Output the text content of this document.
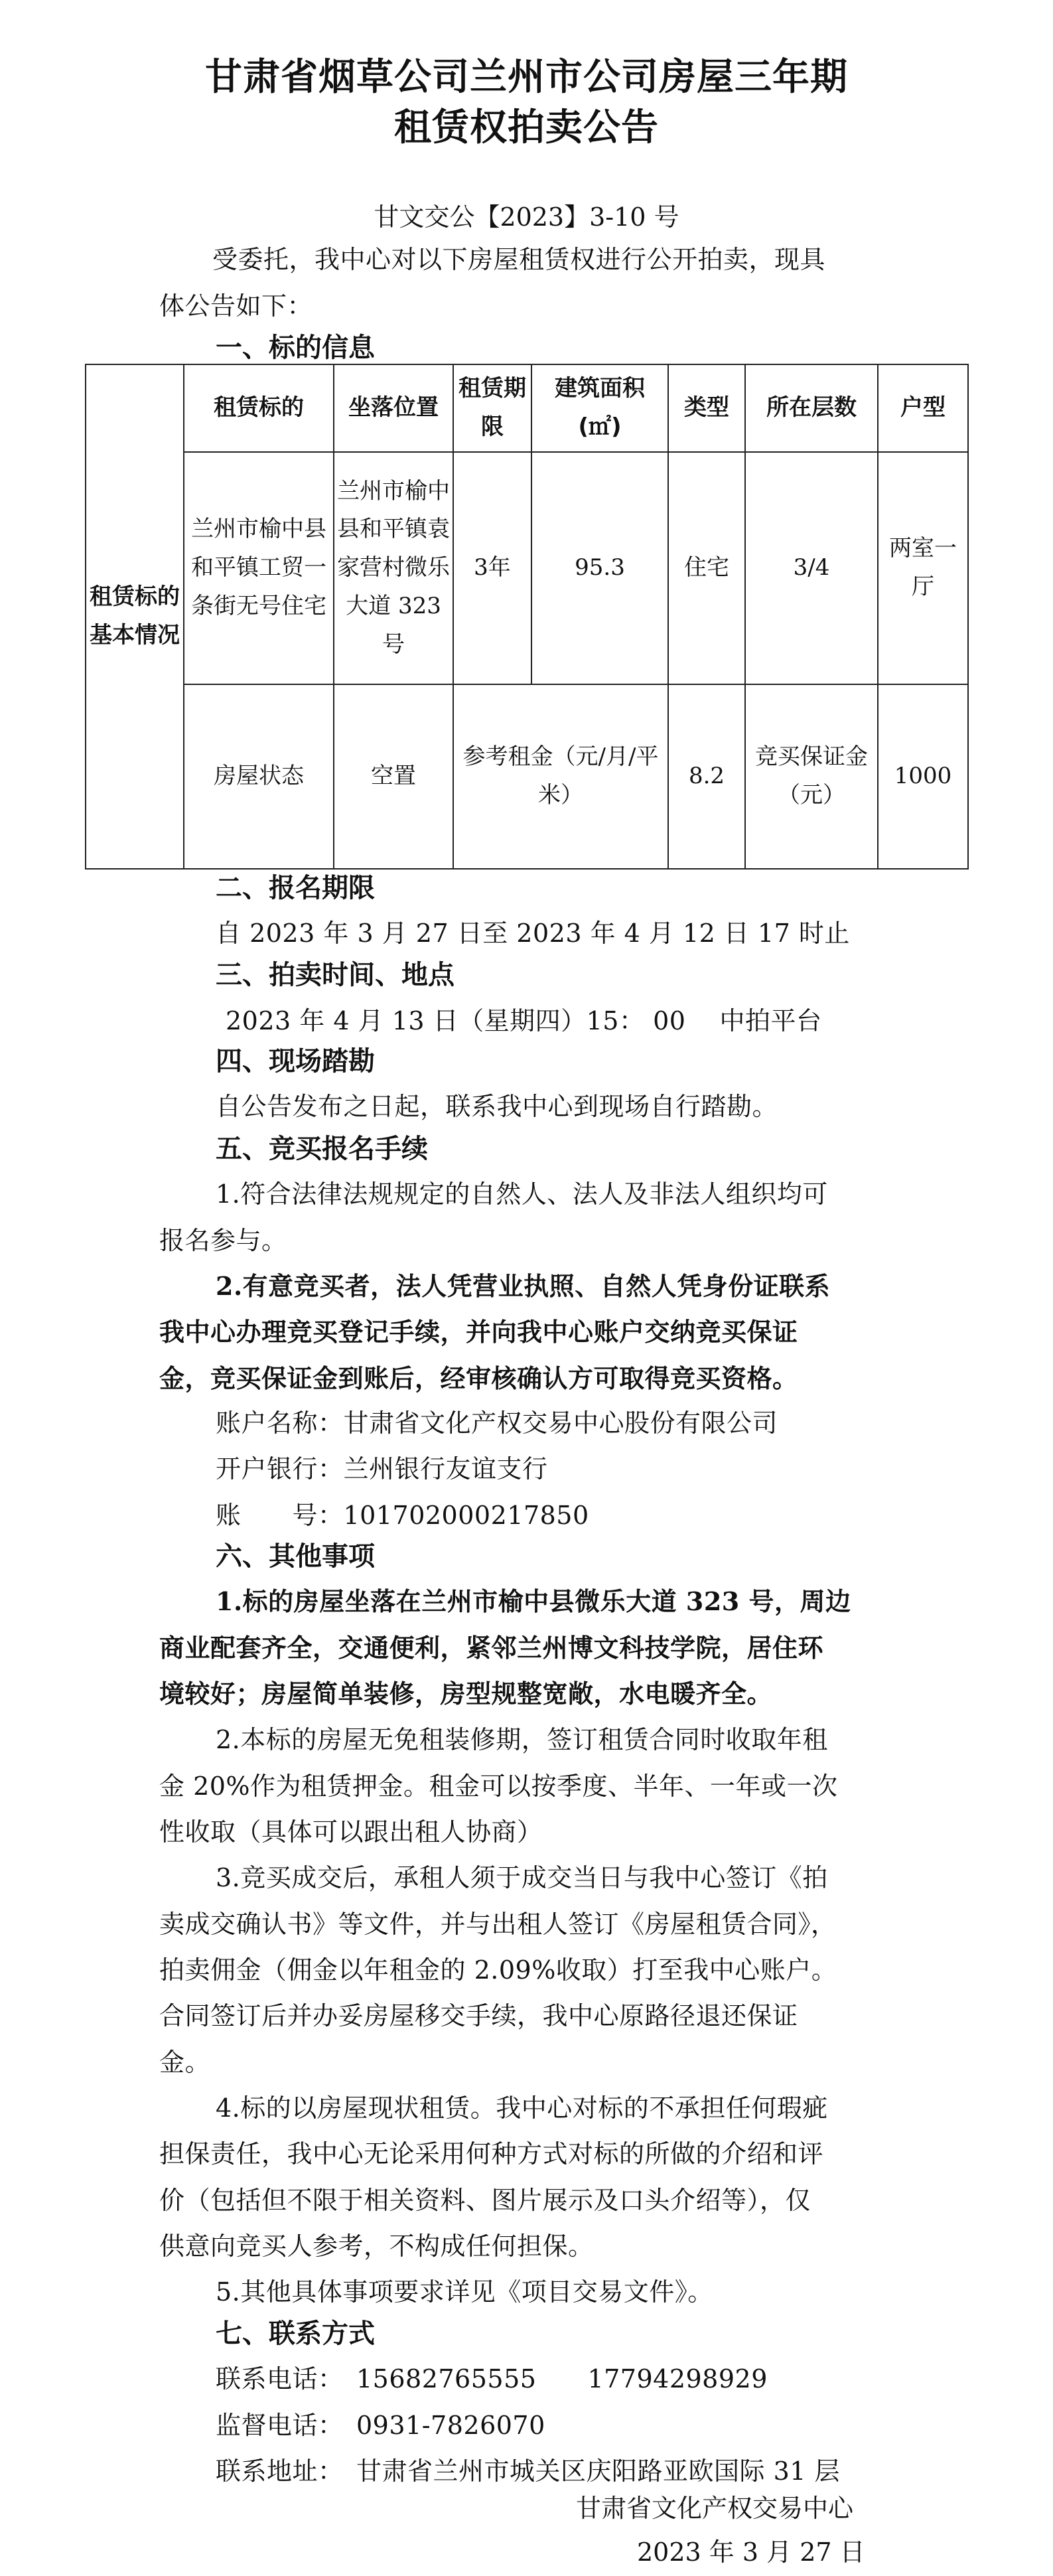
甘肃省烟草公司兰州市公司房屋三年期
租赁权拍卖公告
甘文交公【2023】3-10 号
受委托，我中心对以下房屋租赁权进行公开拍卖，现具
体公告如下：
一、标的信息
租赁标的基本情况	租赁标的	坐落位置	租赁期限	建筑面积(㎡)	类型	所在层数	户型
	兰州市榆中县和平镇工贸一条街无号住宅	兰州市榆中县和平镇袁家营村微乐大道 323 号	3年	95.3	住宅	3/4	两室一厅
	房屋状态	空置	参考租金（元/月/平米）		8.2	竞买保证金（元）	1000
二、报名期限
自 2023 年 3 月 27 日至 2023 年 4 月 12 日 17 时止
三、拍卖时间、地点
2023 年 4 月 13 日（星期四）15： 00　 中拍平台
四、现场踏勘
自公告发布之日起，联系我中心到现场自行踏勘。
五、竞买报名手续
1.符合法律法规规定的自然人、法人及非法人组织均可
报名参与。
2.有意竞买者，法人凭营业执照、自然人凭身份证联系
我中心办理竞买登记手续，并向我中心账户交纳竞买保证
金，竞买保证金到账后，经审核确认方可取得竞买资格。
账户名称：甘肃省文化产权交易中心股份有限公司
开户银行：兰州银行友谊支行
账　　号：101702000217850
六、其他事项
1.标的房屋坐落在兰州市榆中县微乐大道 323 号，周边
商业配套齐全，交通便利，紧邻兰州博文科技学院，居住环
境较好；房屋简单装修，房型规整宽敞，水电暖齐全。
2.本标的房屋无免租装修期，签订租赁合同时收取年租
金 20%作为租赁押金。租金可以按季度、半年、一年或一次
性收取（具体可以跟出租人协商）
3.竞买成交后，承租人须于成交当日与我中心签订《拍
卖成交确认书》等文件，并与出租人签订《房屋租赁合同》，
拍卖佣金（佣金以年租金的 2.09%收取）打至我中心账户。
合同签订后并办妥房屋移交手续，我中心原路径退还保证
金。
4.标的以房屋现状租赁。我中心对标的不承担任何瑕疵
担保责任，我中心无论采用何种方式对标的所做的介绍和评
价（包括但不限于相关资料、图片展示及口头介绍等），仅
供意向竞买人参考，不构成任何担保。
5.其他具体事项要求详见《项目交易文件》。
七、联系方式
联系电话：　15682765555　　17794298929
监督电话：　0931-7826070
联系地址：　甘肃省兰州市城关区庆阳路亚欧国际 31 层
甘肃省文化产权交易中心
2023 年 3 月 27 日
